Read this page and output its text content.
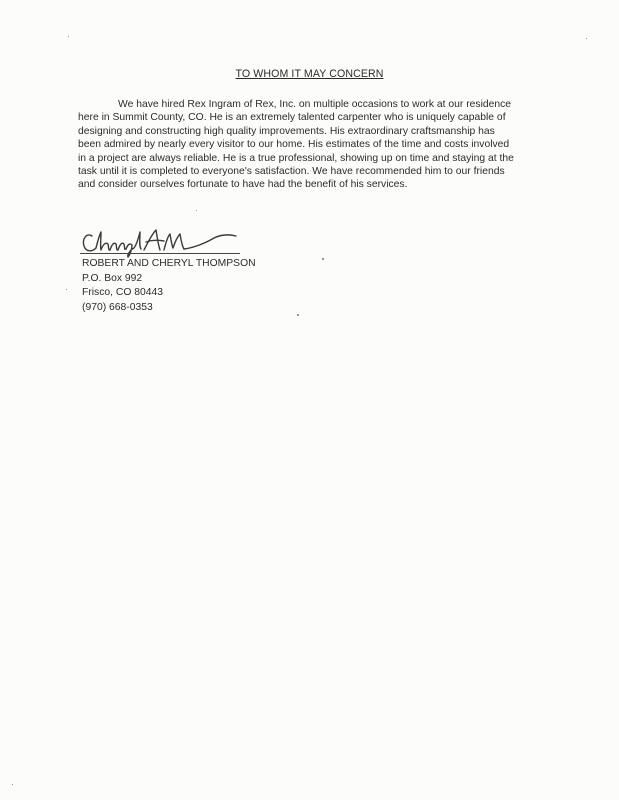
TO WHOM IT MAY CONCERN
We have hired Rex Ingram of Rex, Inc. on multiple occasions to work at our residence
here in Summit County, CO. He is an extremely talented carpenter who is uniquely capable of
designing and constructing high quality improvements. His extraordinary craftsmanship has
been admired by nearly every visitor to our home. His estimates of the time and costs involved
in a project are always reliable. He is a true professional, showing up on time and staying at the
task until it is completed to everyone's satisfaction. We have recommended him to our friends
and consider ourselves fortunate to have had the benefit of his services.
ROBERT AND CHERYL THOMPSON
P.O. Box 992
Frisco, CO 80443
(970) 668-0353
